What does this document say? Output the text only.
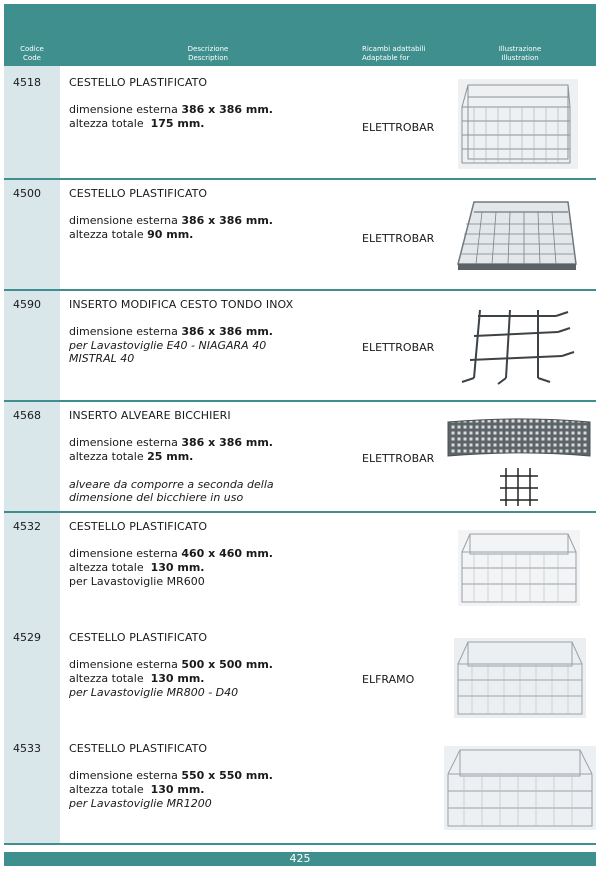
Codice
Code
Descrizione
Description
Ricambi adattabili
Adaptable for
Illustrazione
Illustration
4518	CESTELLO PLASTIFICATO
dimensione esterna 386 x 386 mm.
altezza totale  175 mm.	ELETTROBAR
4500	CESTELLO PLASTIFICATO
dimensione esterna 386 x 386 mm.
altezza totale 90 mm.	ELETTROBAR
4590	INSERTO MODIFICA CESTO TONDO INOX
dimensione esterna 386 x 386 mm.
per Lavastoviglie E40 - NIAGARA 40
MISTRAL 40
ELETTROBAR
4568	INSERTO ALVEARE BICCHIERI
dimensione esterna 386 x 386 mm.
altezza totale 25 mm.
alveare da comporre a seconda della
dimensione del bicchiere in uso
ELETTROBAR
4532	CESTELLO PLASTIFICATO
dimensione esterna 460 x 460 mm.
altezza totale  130 mm.
per Lavastoviglie MR600
4529	CESTELLO PLASTIFICATO
dimensione esterna 500 x 500 mm.
altezza totale  130 mm.
per Lavastoviglie MR800 - D40
ELFRAMO
4533	CESTELLO PLASTIFICATO
dimensione esterna 550 x 550 mm.
altezza totale  130 mm.
per Lavastoviglie MR1200
425
